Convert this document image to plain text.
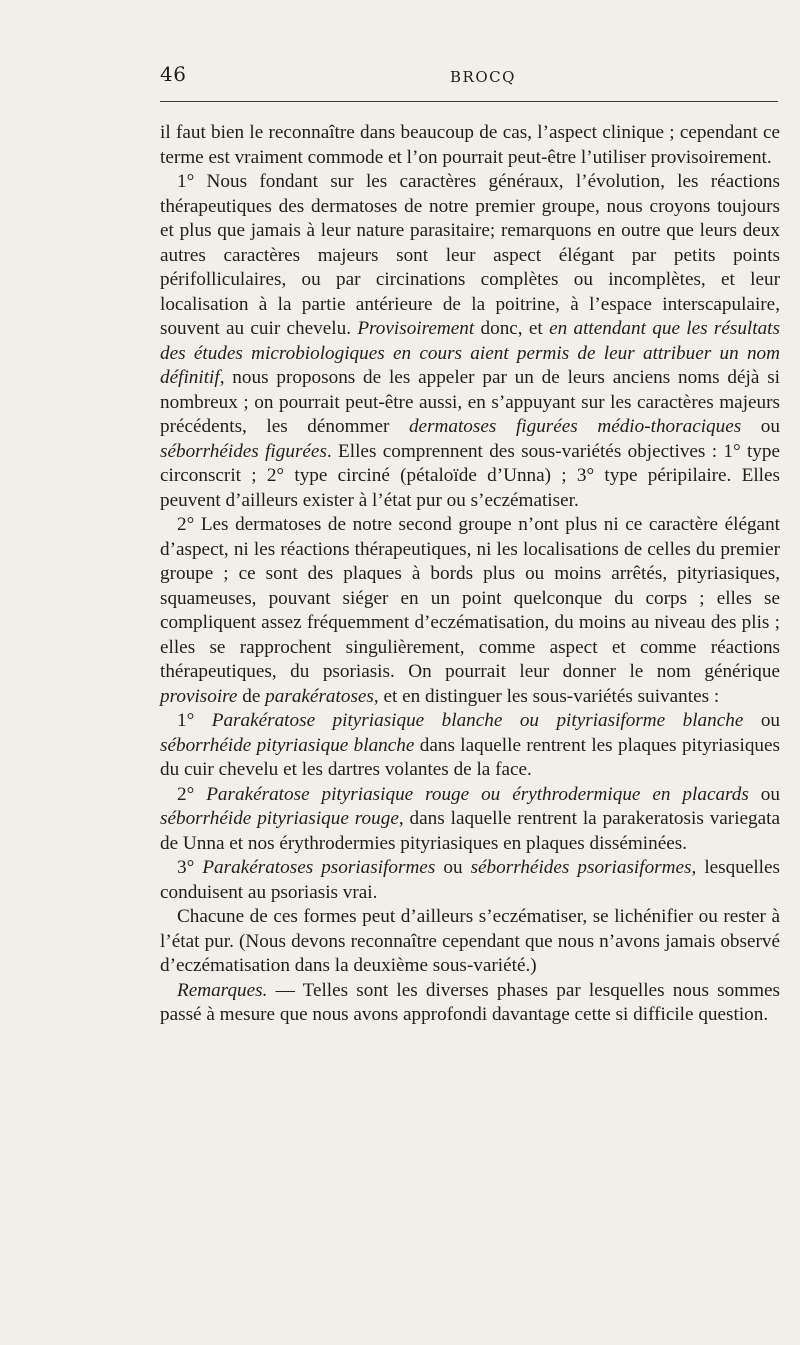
46	BROCQ

il faut bien le reconnaître dans beaucoup de cas, l’aspect clinique ; cependant ce terme est vraiment commode et l’on pourrait peut-être l’utiliser provisoirement.

1° Nous fondant sur les caractères généraux, l’évolution, les réactions thérapeutiques des dermatoses de notre premier groupe, nous croyons toujours et plus que jamais à leur nature parasitaire; remarquons en outre que leurs deux autres caractères majeurs sont leur aspect élégant par petits points périfolliculaires, ou par circinations complètes ou incomplètes, et leur localisation à la partie antérieure de la poitrine, à l’espace interscapulaire, souvent au cuir chevelu. Provisoirement donc, et en attendant que les résultats des études microbiologiques en cours aient permis de leur attribuer un nom définitif, nous proposons de les appeler par un de leurs anciens noms déjà si nombreux ; on pourrait peut-être aussi, en s’appuyant sur les caractères majeurs précédents, les dénommer dermatoses figurées médio-thoraciques ou séborrhéides figurées. Elles comprennent des sous-variétés objectives : 1° type circonscrit ; 2° type circiné (pétaloïde d’Unna) ; 3° type péripilaire. Elles peuvent d’ailleurs exister à l’état pur ou s’eczématiser.

2° Les dermatoses de notre second groupe n’ont plus ni ce caractère élégant d’aspect, ni les réactions thérapeutiques, ni les localisations de celles du premier groupe ; ce sont des plaques à bords plus ou moins arrêtés, pityriasiques, squameuses, pouvant siéger en un point quelconque du corps ; elles se compliquent assez fréquemment d’eczématisation, du moins au niveau des plis ; elles se rapprochent singulièrement, comme aspect et comme réactions thérapeutiques, du psoriasis. On pourrait leur donner le nom générique provisoire de parakératoses, et en distinguer les sous-variétés suivantes :

1° Parakératose pityriasique blanche ou pityriasiforme blanche ou séborrhéide pityriasique blanche dans laquelle rentrent les plaques pityriasiques du cuir chevelu et les dartres volantes de la face.

2° Parakératose pityriasique rouge ou érythrodermique en placards ou séborrhéide pityriasique rouge, dans laquelle rentrent la parakeratosis variegata de Unna et nos érythrodermies pityriasiques en plaques disséminées.

3° Parakératoses psoriasiformes ou séborrhéides psoriasiformes, lesquelles conduisent au psoriasis vrai.

Chacune de ces formes peut d’ailleurs s’eczématiser, se lichénifier ou rester à l’état pur. (Nous devons reconnaître cependant que nous n’avons jamais observé d’eczématisation dans la deuxième sous-variété.)

Remarques. — Telles sont les diverses phases par lesquelles nous sommes passé à mesure que nous avons approfondi davantage cette si difficile question.
